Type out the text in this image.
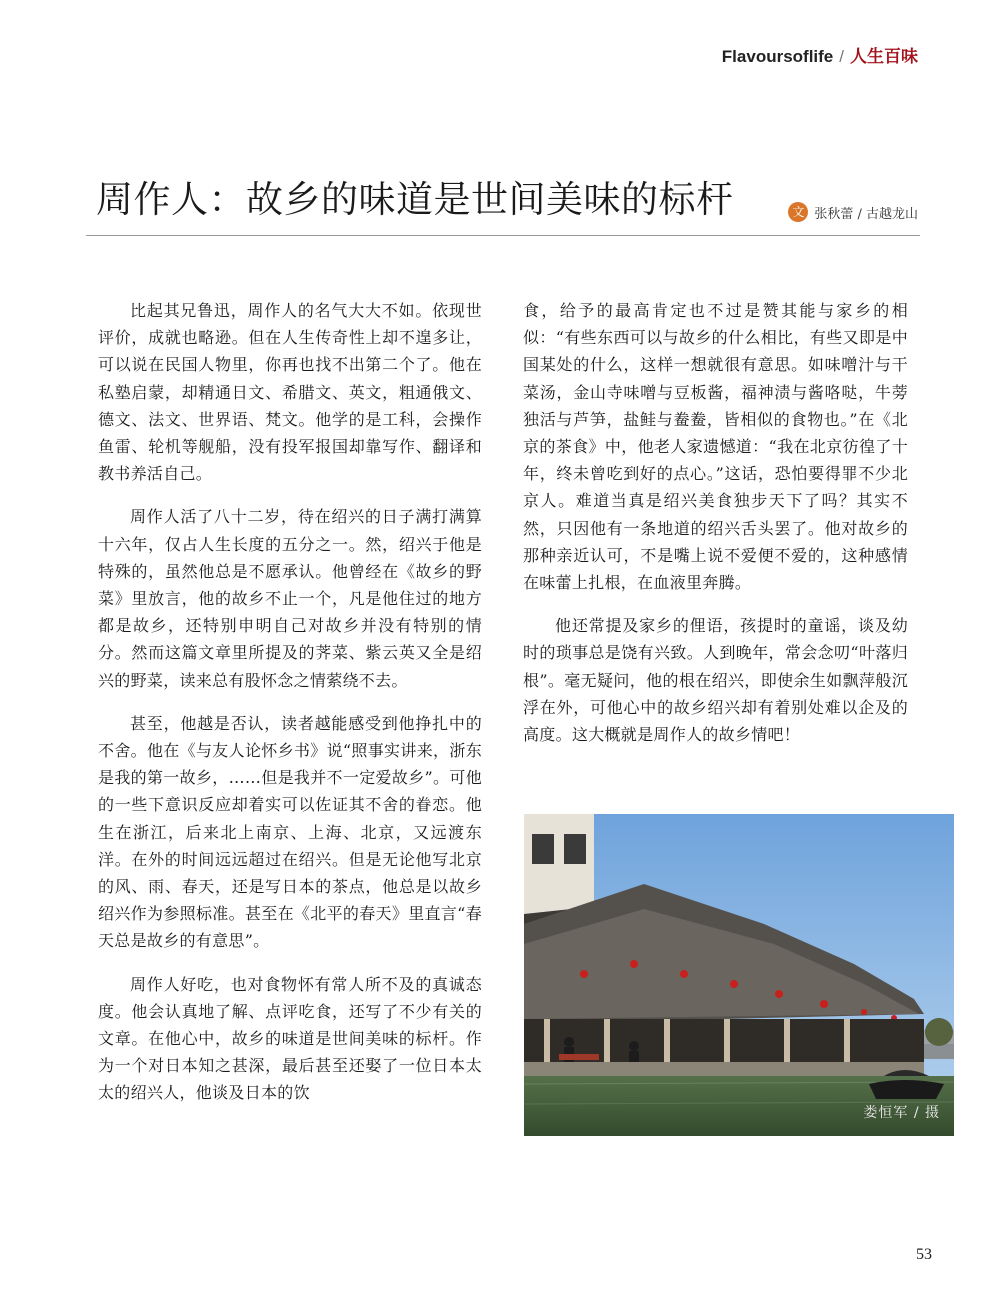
Flavoursoflife / 人生百味
周作人：故乡的味道是世间美味的标杆	文 张秋蕾 / 古越龙山

比起其兄鲁迅，周作人的名气大大不如。依现世评价，成就也略逊。但在人生传奇性上却不遑多让，可以说在民国人物里，你再也找不出第二个了。他在私塾启蒙，却精通日文、希腊文、英文，粗通俄文、德文、法文、世界语、梵文。他学的是工科，会操作鱼雷、轮机等舰船，没有投军报国却靠写作、翻译和教书养活自己。

周作人活了八十二岁，待在绍兴的日子满打满算十六年，仅占人生长度的五分之一。然，绍兴于他是特殊的，虽然他总是不愿承认。他曾经在《故乡的野菜》里放言，他的故乡不止一个，凡是他住过的地方都是故乡，还特别申明自己对故乡并没有特别的情分。然而这篇文章里所提及的荠菜、紫云英又全是绍兴的野菜，读来总有股怀念之情萦绕不去。

甚至，他越是否认，读者越能感受到他挣扎中的不舍。他在《与友人论怀乡书》说“照事实讲来，浙东是我的第一故乡，……但是我并不一定爱故乡”。可他的一些下意识反应却着实可以佐证其不舍的眷恋。他生在浙江，后来北上南京、上海、北京，又远渡东洋。在外的时间远远超过在绍兴。但是无论他写北京的风、雨、春天，还是写日本的茶点，他总是以故乡绍兴作为参照标准。甚至在《北平的春天》里直言“春天总是故乡的有意思”。

周作人好吃，也对食物怀有常人所不及的真诚态度。他会认真地了解、点评吃食，还写了不少有关的文章。在他心中，故乡的味道是世间美味的标杆。作为一个对日本知之甚深，最后甚至还娶了一位日本太太的绍兴人，他谈及日本的饮

食，给予的最高肯定也不过是赞其能与家乡的相似：“有些东西可以与故乡的什么相比，有些又即是中国某处的什么，这样一想就很有意思。如味噌汁与干菜汤，金山寺味噌与豆板酱，福神渍与酱咯哒，牛蒡独活与芦笋，盐鲑与鲞鲞，皆相似的食物也。”在《北京的茶食》中，他老人家遗憾道：“我在北京彷徨了十年，终未曾吃到好的点心。”这话，恐怕要得罪不少北京人。难道当真是绍兴美食独步天下了吗？其实不然，只因他有一条地道的绍兴舌头罢了。他对故乡的那种亲近认可，不是嘴上说不爱便不爱的，这种感情在味蕾上扎根，在血液里奔腾。

他还常提及家乡的俚语，孩提时的童谣，谈及幼时的琐事总是饶有兴致。人到晚年，常会念叨“叶落归根”。毫无疑问，他的根在绍兴，即使余生如飘萍般沉浮在外，可他心中的故乡绍兴却有着别处难以企及的高度。这大概就是周作人的故乡情吧！

娄恒军 / 摄
53
